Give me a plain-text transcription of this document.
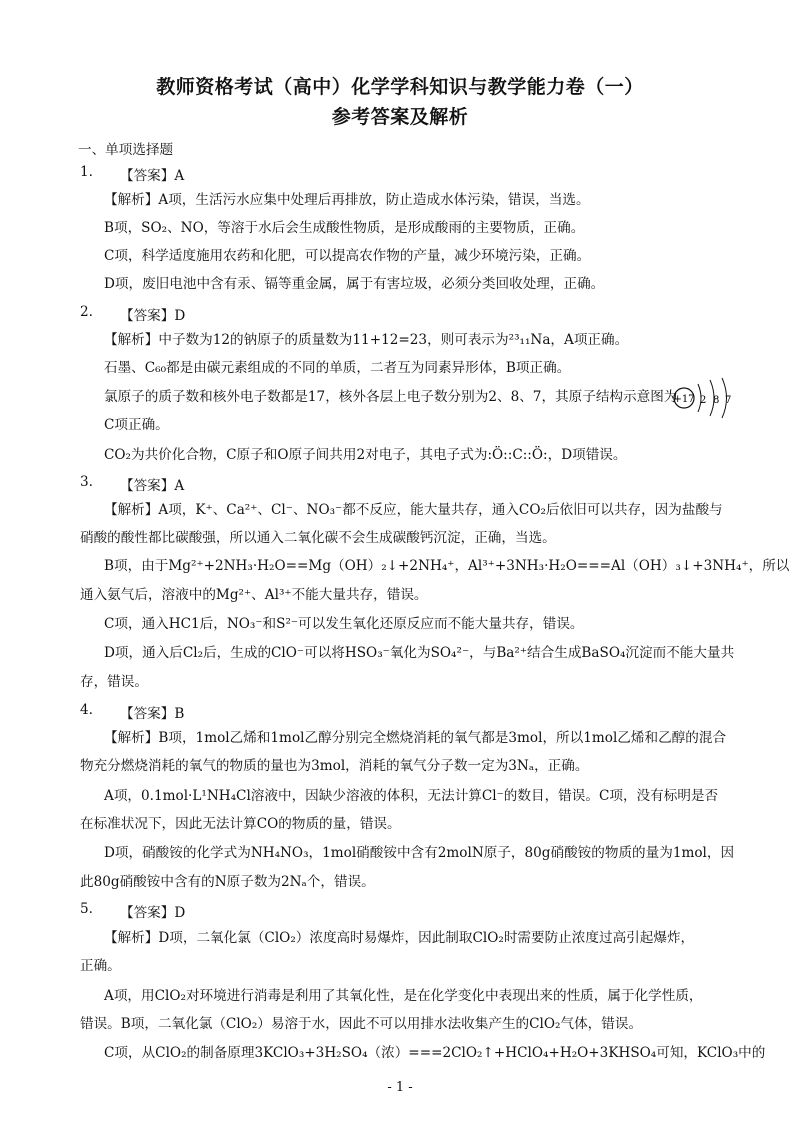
教师资格考试（高中）化学学科知识与教学能力卷（一）
参考答案及解析
一、单项选择题
1. 【答案】A
【解析】A项，生活污水应集中处理后再排放，防止造成水体污染，错误，当选。
B项，SO₂、NO，等溶于水后会生成酸性物质，是形成酸雨的主要物质，正确。
C项，科学适度施用农药和化肥，可以提高农作物的产量，减少环境污染，正确。
D项，废旧电池中含有汞、镉等重金属，属于有害垃圾，必须分类回收处理，正确。
2. 【答案】D
【解析】中子数为12的钠原子的质量数为11+12=23，则可表示为²³₁₁Na，A项正确。
石墨、C₆₀都是由碳元素组成的不同的单质，二者互为同素异形体，B项正确。
氯原子的质子数和核外电子数都是17，核外各层上电子数分别为2、8、7，其原子结构示意图为
+17 2 8 7
C项正确。
CO₂为共价化合物，C原子和O原子间共用2对电子，其电子式为:Ö::C::Ö:，D项错误。
3. 【答案】A
【解析】A项，K⁺、Ca²⁺、Cl⁻、NO₃⁻都不反应，能大量共存，通入CO₂后依旧可以共存，因为盐酸与
硝酸的酸性都比碳酸强，所以通入二氧化碳不会生成碳酸钙沉淀，正确，当选。
B项，由于Mg²⁺+2NH₃·H₂O==Mg（OH）₂↓+2NH₄⁺，Al³⁺+3NH₃·H₂O===Al（OH）₃↓+3NH₄⁺，所以
通入氨气后，溶液中的Mg²⁺、Al³⁺不能大量共存，错误。
C项，通入HC1后，NO₃⁻和S²⁻可以发生氧化还原反应而不能大量共存，错误。
D项，通入后Cl₂后，生成的ClO⁻可以将HSO₃⁻氧化为SO₄²⁻，与Ba²⁺结合生成BaSO₄沉淀而不能大量共
存，错误。
4. 【答案】B
【解析】B项，1mol乙烯和1mol乙醇分别完全燃烧消耗的氧气都是3mol，所以1mol乙烯和乙醇的混合
物充分燃烧消耗的氧气的物质的量也为3mol，消耗的氧气分子数一定为3Nₐ，正确。
A项，0.1mol·L¹NH₄Cl溶液中，因缺少溶液的体积，无法计算Cl⁻的数目，错误。C项，没有标明是否
在标准状况下，因此无法计算CO的物质的量，错误。
D项，硝酸铵的化学式为NH₄NO₃，1mol硝酸铵中含有2molN原子，80g硝酸铵的物质的量为1mol，因
此80g硝酸铵中含有的N原子数为2Nₐ个，错误。
5. 【答案】D
【解析】D项，二氧化氯（ClO₂）浓度高时易爆炸，因此制取ClO₂时需要防止浓度过高引起爆炸，
正确。
A项，用ClO₂对环境进行消毒是利用了其氧化性，是在化学变化中表现出来的性质，属于化学性质，
错误。B项，二氧化氯（ClO₂）易溶于水，因此不可以用排水法收集产生的ClO₂气体，错误。
C项，从ClO₂的制备原理3KClO₃+3H₂SO₄（浓）===2ClO₂↑+HClO₄+H₂O+3KHSO₄可知，KClO₃中的
- 1 -
